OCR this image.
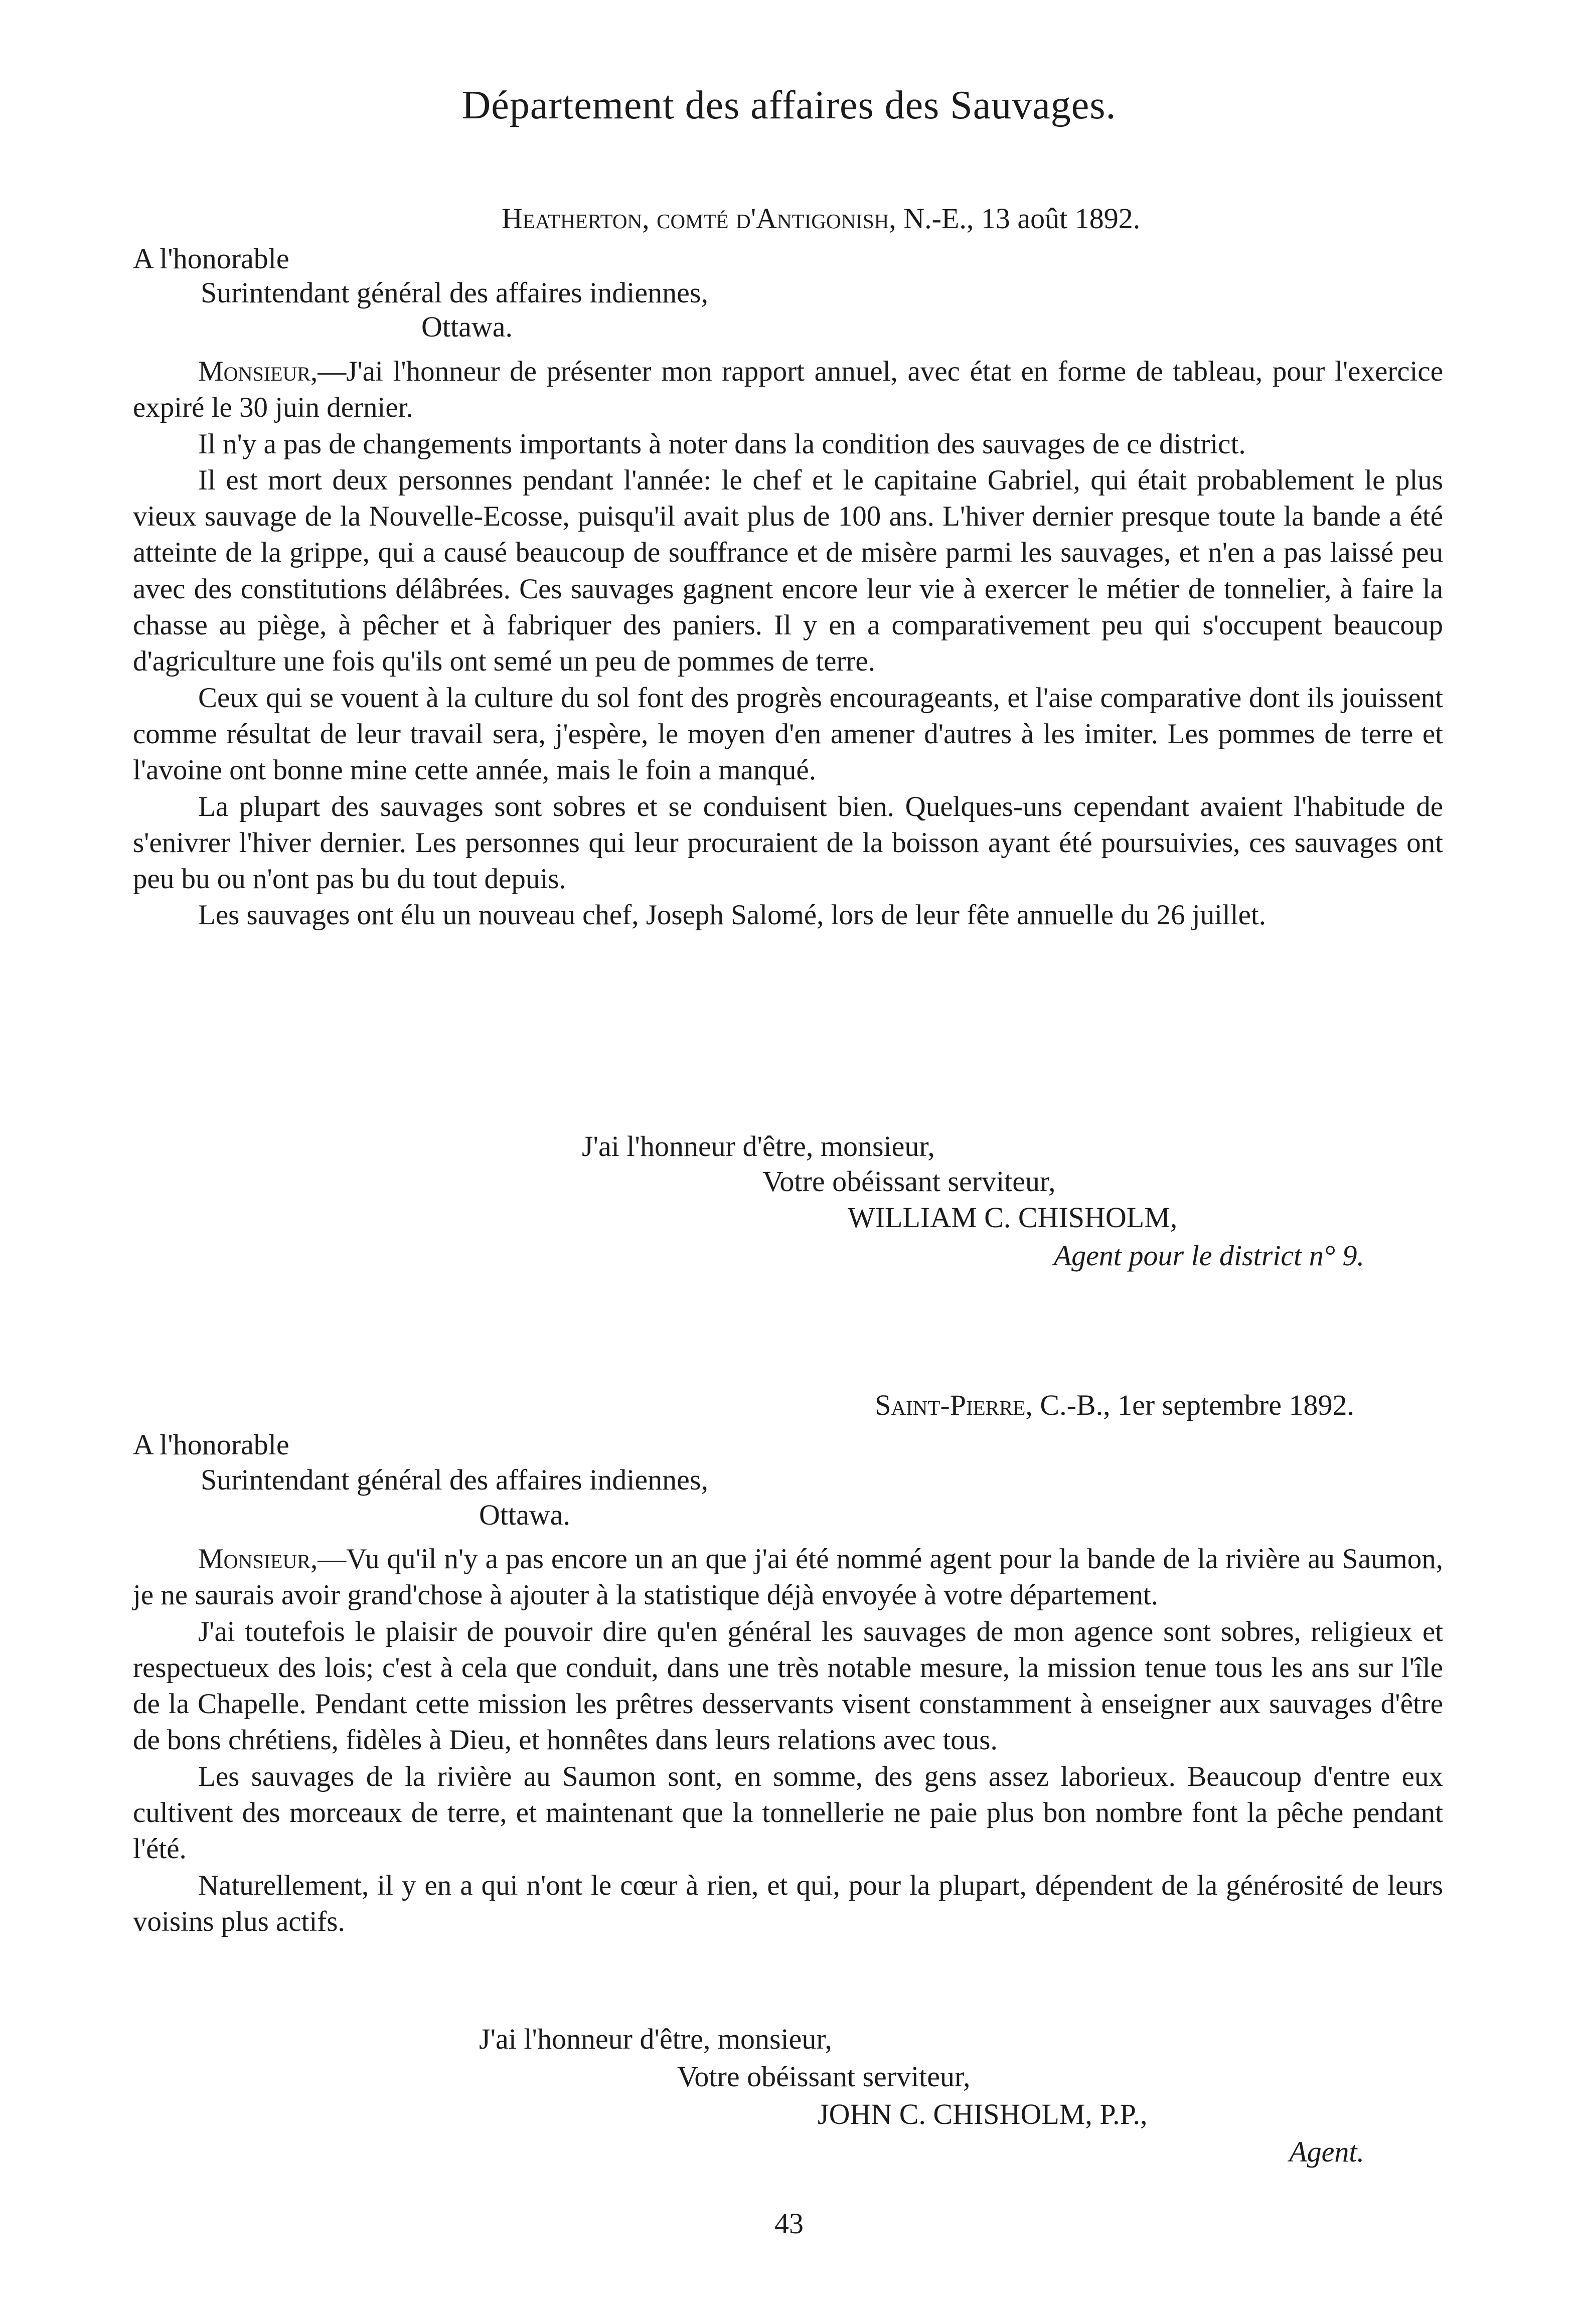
Département des affaires des Sauvages.
Heatherton, comté d'Antigonish, N.-E., 13 août 1892.
A l'honorable
Surintendant général des affaires indiennes,
Ottawa.

Monsieur,—J'ai l'honneur de présenter mon rapport annuel, avec état en forme de tableau, pour l'exercice expiré le 30 juin dernier.

Il n'y a pas de changements importants à noter dans la condition des sauvages de ce district.

Il est mort deux personnes pendant l'année: le chef et le capitaine Gabriel, qui était probablement le plus vieux sauvage de la Nouvelle-Ecosse, puisqu'il avait plus de 100 ans. L'hiver dernier presque toute la bande a été atteinte de la grippe, qui a causé beaucoup de souffrance et de misère parmi les sauvages, et n'en a pas laissé peu avec des constitutions délâbrées. Ces sauvages gagnent encore leur vie à exercer le métier de tonnelier, à faire la chasse au piège, à pêcher et à fabriquer des paniers. Il y en a comparativement peu qui s'occupent beaucoup d'agriculture une fois qu'ils ont semé un peu de pommes de terre.

Ceux qui se vouent à la culture du sol font des progrès encourageants, et l'aise comparative dont ils jouissent comme résultat de leur travail sera, j'espère, le moyen d'en amener d'autres à les imiter. Les pommes de terre et l'avoine ont bonne mine cette année, mais le foin a manqué.

La plupart des sauvages sont sobres et se conduisent bien. Quelques-uns cependant avaient l'habitude de s'enivrer l'hiver dernier. Les personnes qui leur procuraient de la boisson ayant été poursuivies, ces sauvages ont peu bu ou n'ont pas bu du tout depuis.

Les sauvages ont élu un nouveau chef, Joseph Salomé, lors de leur fête annuelle du 26 juillet.

J'ai l'honneur d'être, monsieur,
Votre obéissant serviteur,
WILLIAM C. CHISHOLM,
Agent pour le district n° 9.
Saint-Pierre, C.-B., 1er septembre 1892.
A l'honorable
Surintendant général des affaires indiennes,
Ottawa.

Monsieur,—Vu qu'il n'y a pas encore un an que j'ai été nommé agent pour la bande de la rivière au Saumon, je ne saurais avoir grand'chose à ajouter à la statistique déjà envoyée à votre département.

J'ai toutefois le plaisir de pouvoir dire qu'en général les sauvages de mon agence sont sobres, religieux et respectueux des lois; c'est à cela que conduit, dans une très notable mesure, la mission tenue tous les ans sur l'île de la Chapelle. Pendant cette mission les prêtres desservants visent constamment à enseigner aux sauvages d'être de bons chrétiens, fidèles à Dieu, et honnêtes dans leurs relations avec tous.

Les sauvages de la rivière au Saumon sont, en somme, des gens assez laborieux. Beaucoup d'entre eux cultivent des morceaux de terre, et maintenant que la tonnellerie ne paie plus bon nombre font la pêche pendant l'été.

Naturellement, il y en a qui n'ont le cœur à rien, et qui, pour la plupart, dépendent de la générosité de leurs voisins plus actifs.

J'ai l'honneur d'être, monsieur,
Votre obéissant serviteur,
JOHN C. CHISHOLM, P.P.,
Agent.
43
